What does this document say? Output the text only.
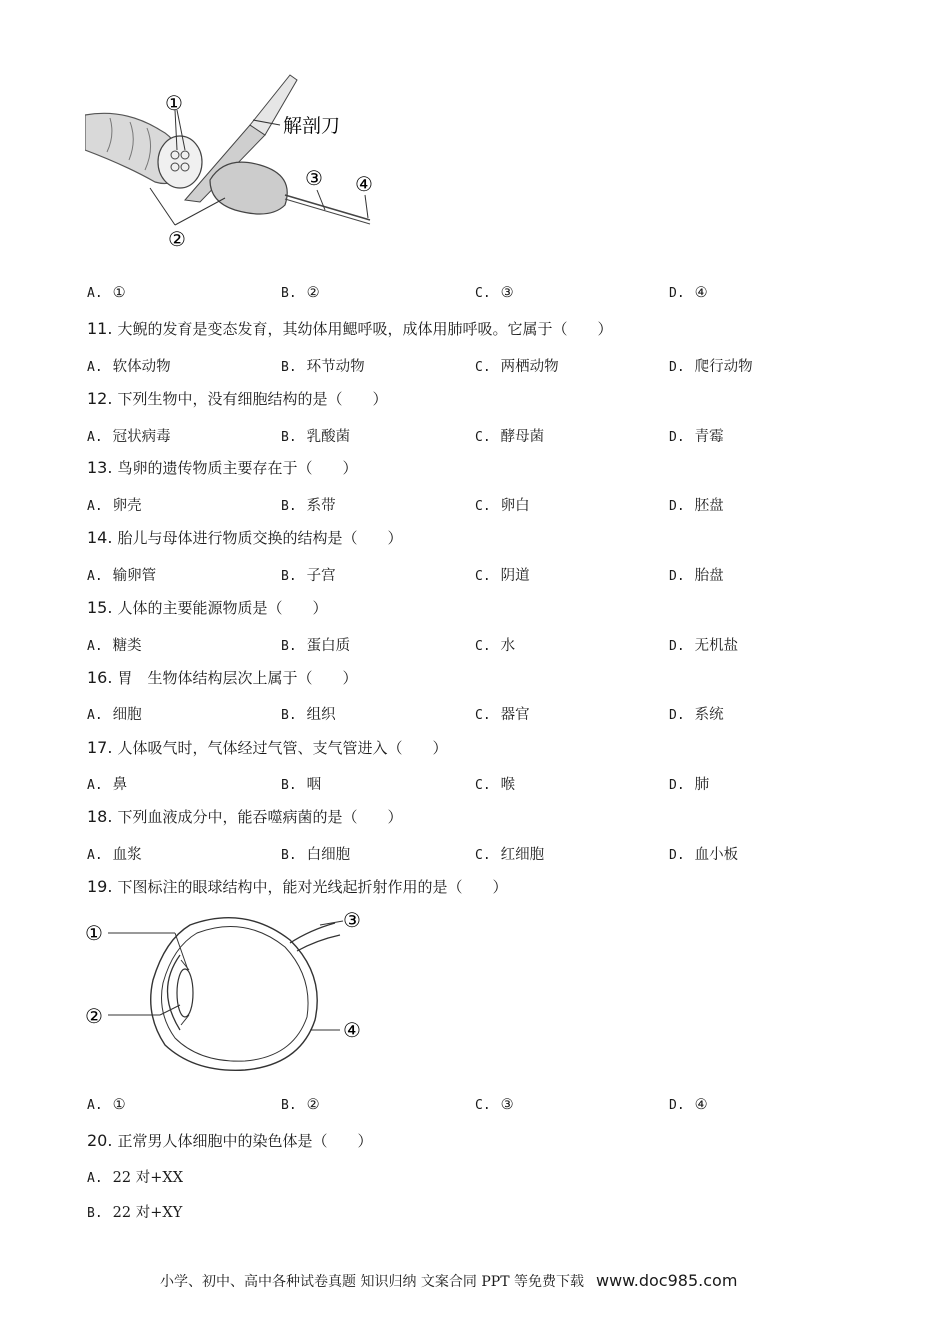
①
②
③ ④
解剖刀
A. ①	B. ②	C. ③	D. ④
11. 大鲵的发育是变态发育，其幼体用鳃呼吸，成体用肺呼吸。它属于（　　）
A. 软体动物	B. 环节动物	C. 两栖动物	D. 爬行动物
12. 下列生物中，没有细胞结构的是（　　）
A. 冠状病毒	B. 乳酸菌	C. 酵母菌	D. 青霉
13. 鸟卵的遗传物质主要存在于（　　）
A. 卵壳	B. 系带	C. 卵白	D. 胚盘
14. 胎儿与母体进行物质交换的结构是（　　）
A. 输卵管	B. 子宫	C. 阴道	D. 胎盘
15. 人体的主要能源物质是（　　）
A. 糖类	B. 蛋白质	C. 水	D. 无机盐
16. 胃　生物体结构层次上属于（　　）
A. 细胞	B. 组织	C. 器官	D. 系统
17. 人体吸气时，气体经过气管、支气管进入（　　）
A. 鼻	B. 咽	C. 喉	D. 肺
18. 下列血液成分中，能吞噬病菌的是（　　）
A. 血浆	B. 白细胞	C. 红细胞	D. 血小板
19. 下图标注的眼球结构中，能对光线起折射作用的是（　　）
①
②
③
④
A. ①	B. ②	C. ③	D. ④
20. 正常男人体细胞中的染色体是（　　）
A. 22 对+XX
B. 22 对+XY
小学、初中、高中各种试卷真题 知识归纳 文案合同 PPT 等免费下载 www.doc985.com
